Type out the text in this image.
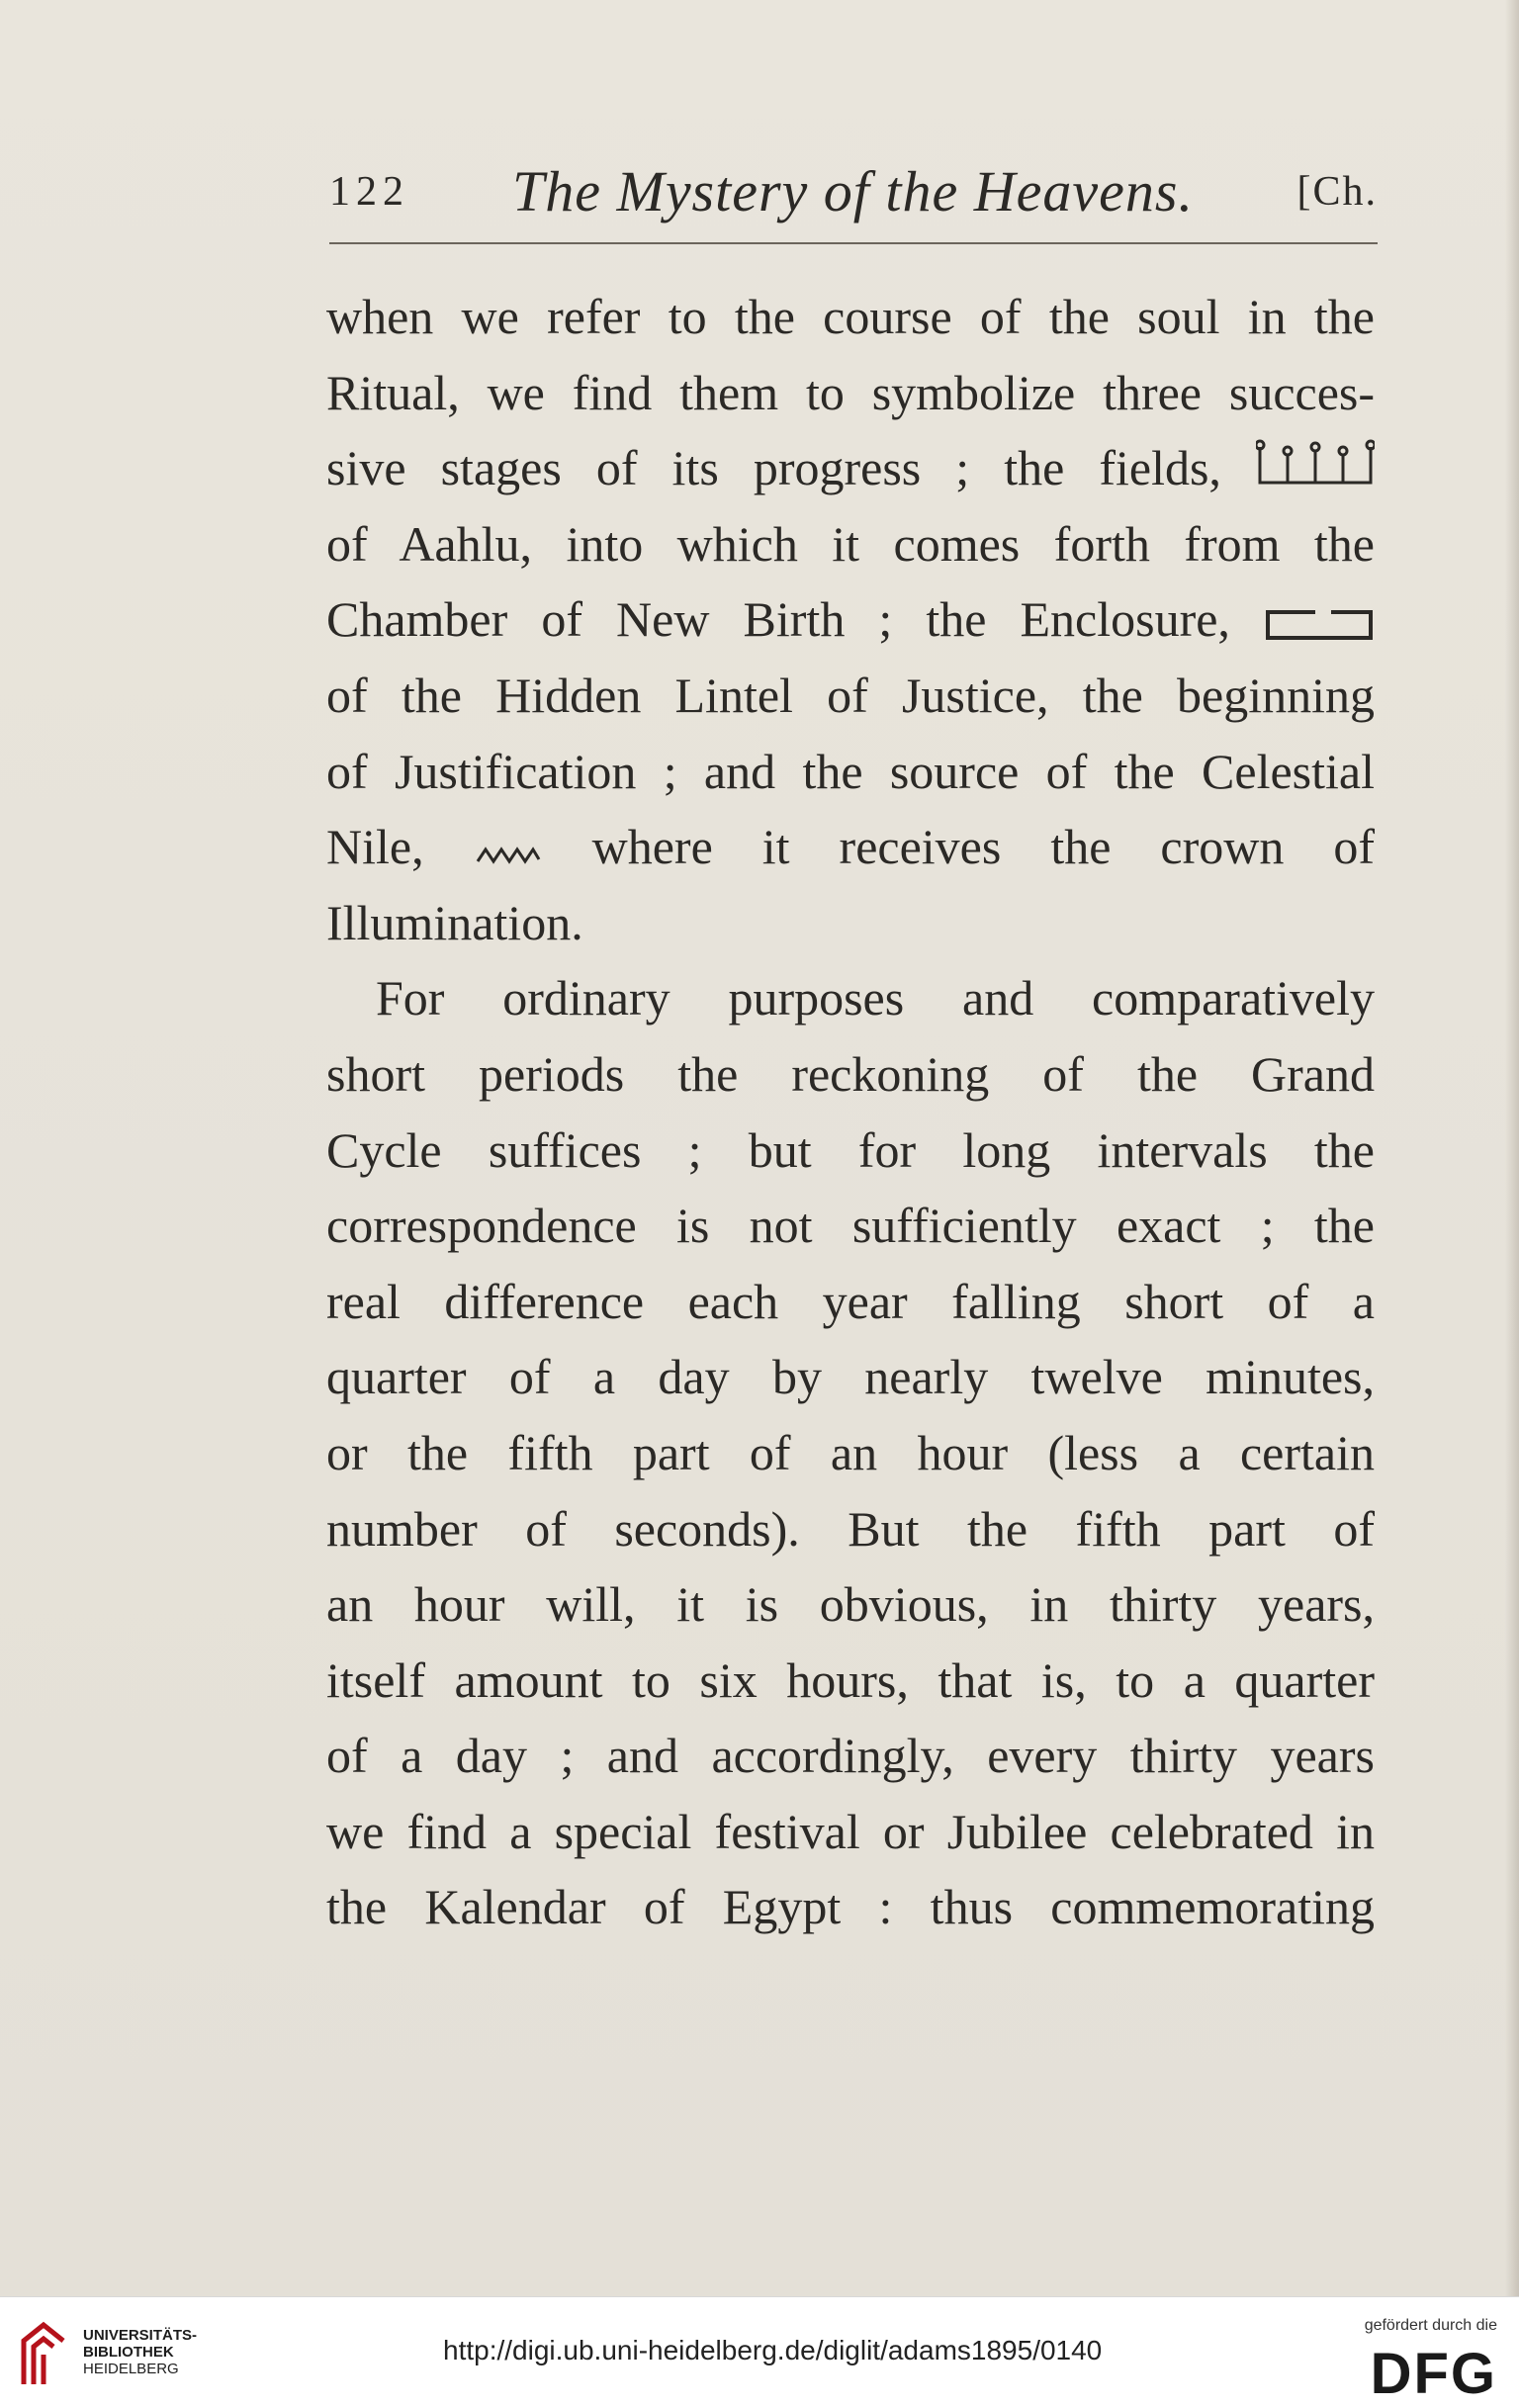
122 The Mystery of the Heavens. [Ch.
when we refer to the course of the soul in the
Ritual, we find them to symbolize three succes-
sive stages of its progress ; the fields,
of Aahlu, into which it comes forth from the
Chamber of New Birth ; the Enclosure,
of the Hidden Lintel of Justice, the beginning
of Justification ; and the source of the Celestial
Nile,	where it receives the crown of
Illumination.
For ordinary purposes and comparatively
short periods the reckoning of the Grand
Cycle suffices ; but for long intervals the
correspondence is not sufficiently exact ; the
real difference each year falling short of a
quarter of a day by nearly twelve minutes,
or the fifth part of an hour (less a certain
number of seconds). But the fifth part of
an hour will, it is obvious, in thirty years,
itself amount to six hours, that is, to a quarter
of a day ; and accordingly, every thirty years
we find a special festival or Jubilee celebrated in
the Kalendar of Egypt : thus commemorating
UNIVERSITÄTS-
BIBLIOTHEK
HEIDELBERG
http://digi.ub.uni-heidelberg.de/diglit/adams1895/0140
gefördert durch die
DFG
